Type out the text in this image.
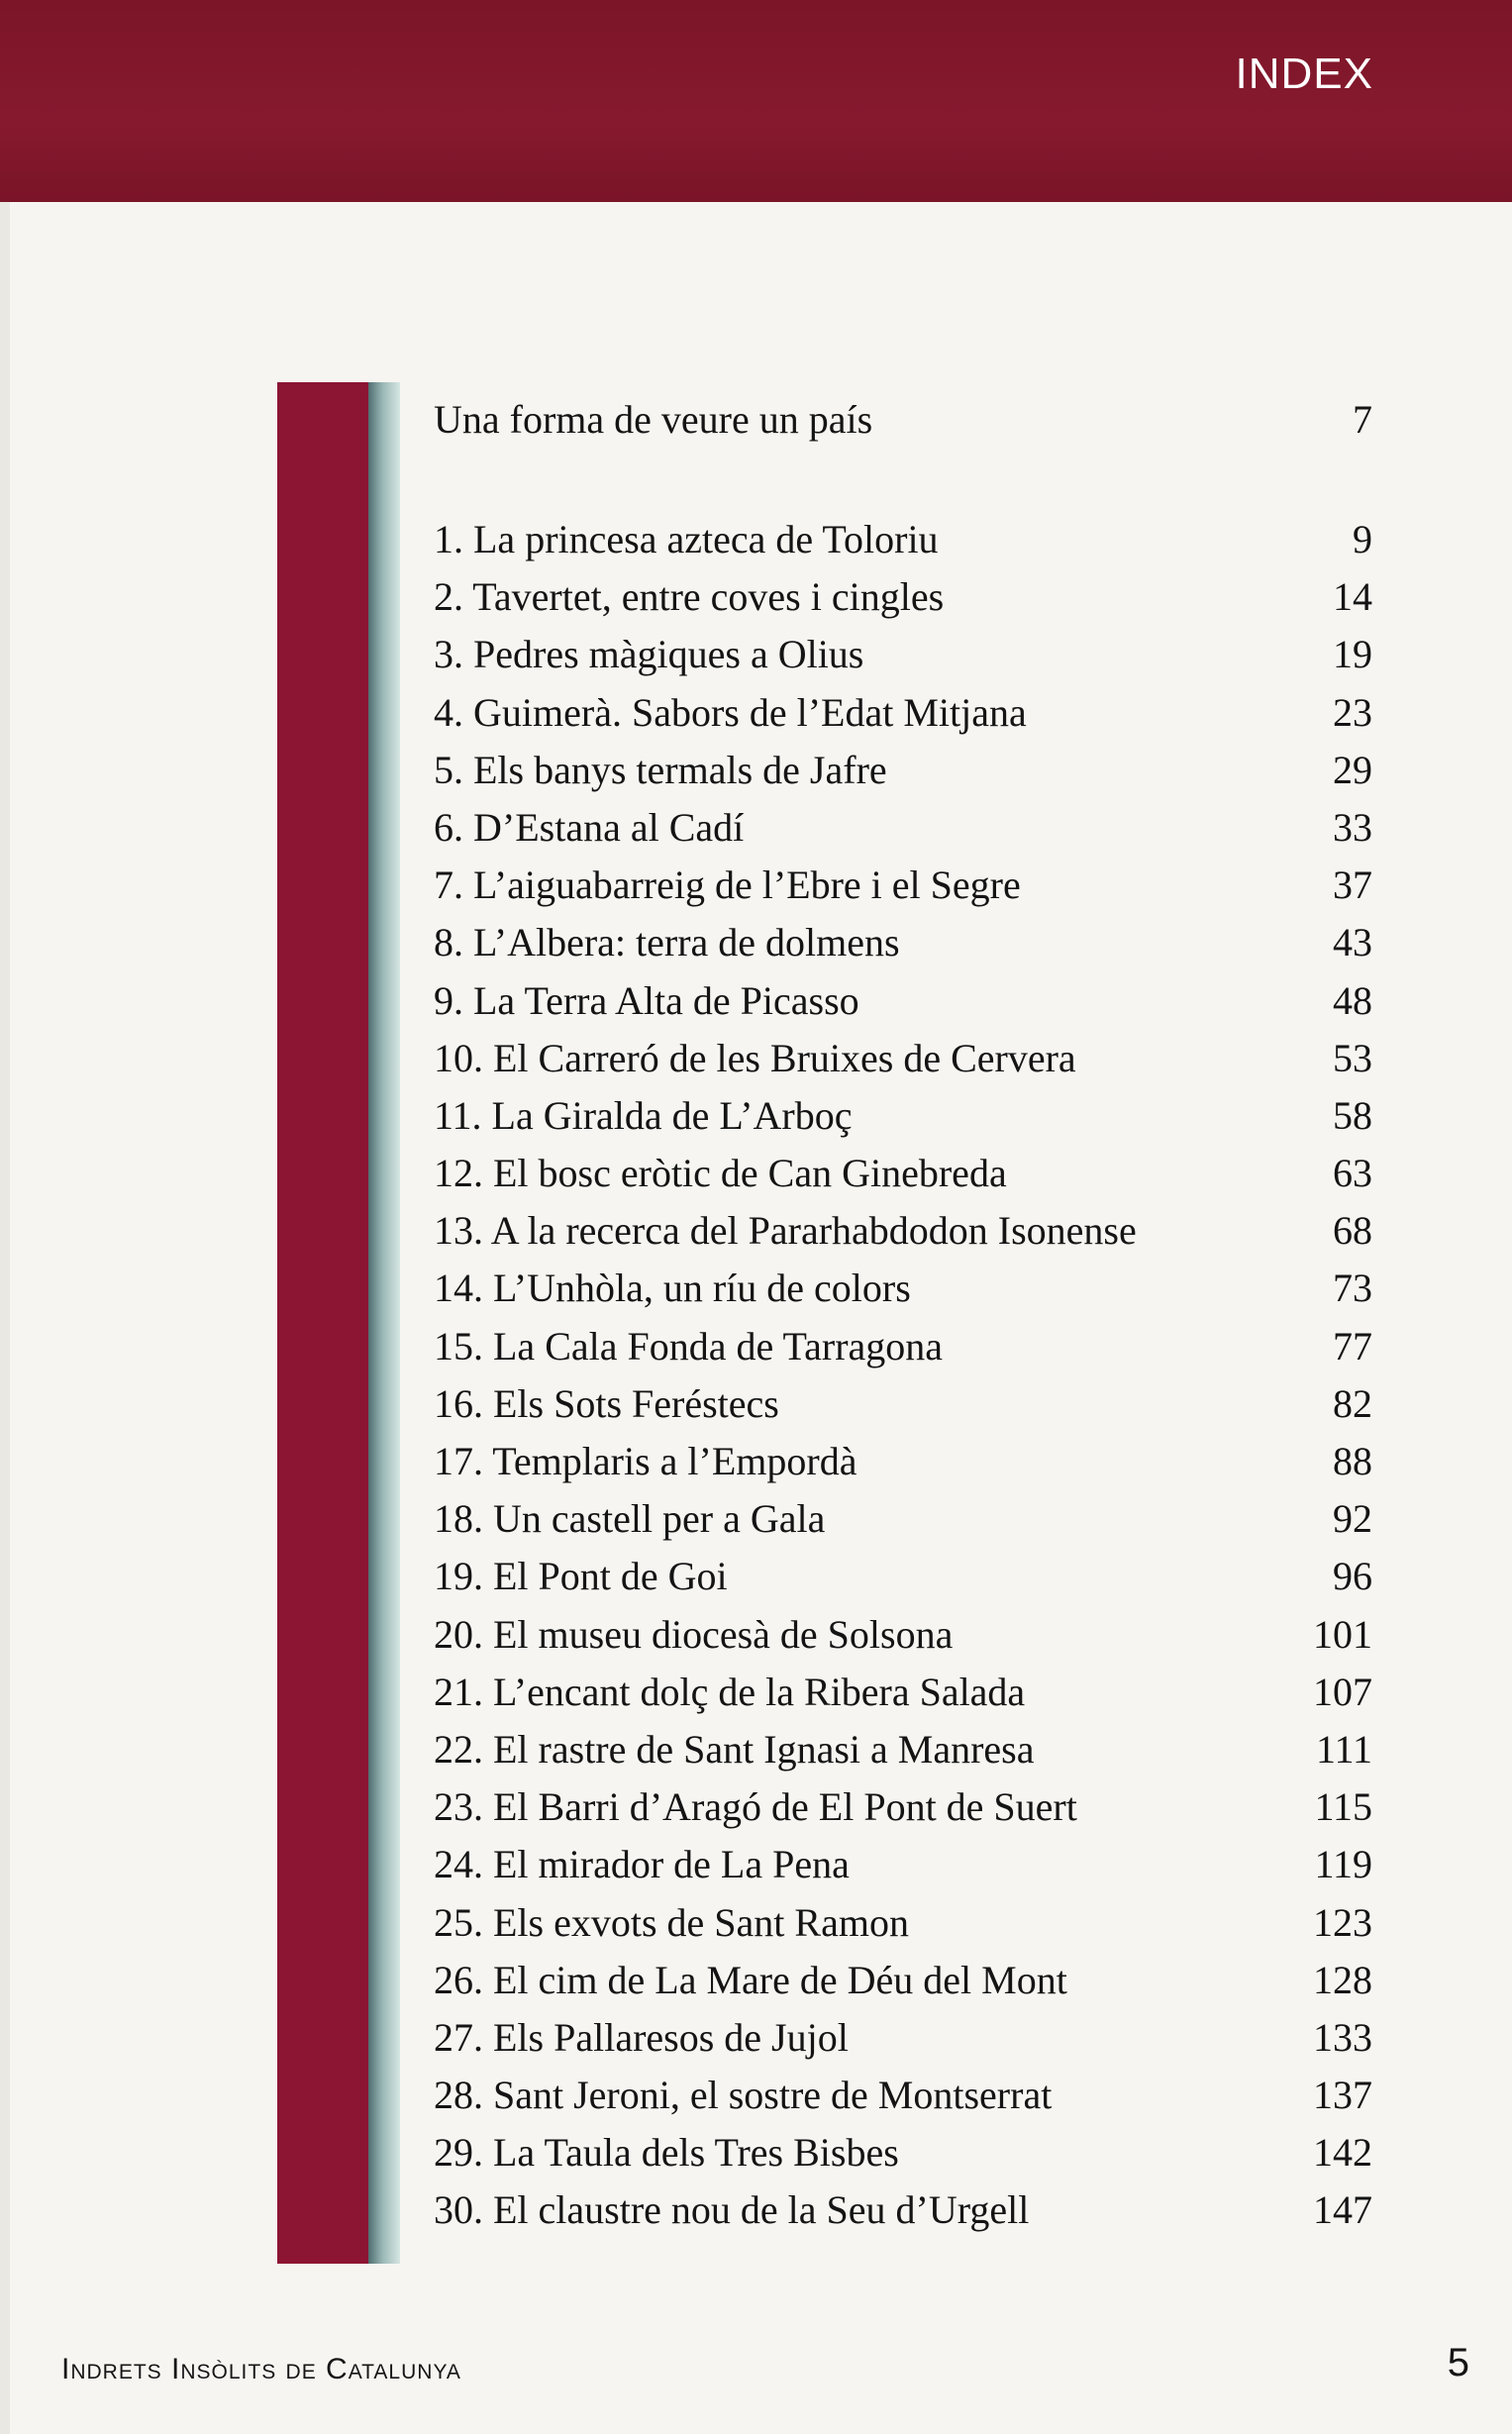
INDEX
Una forma de veure un país	7
1. La princesa azteca de Toloriu	9
2. Tavertet, entre coves i cingles	14
3. Pedres màgiques a Olius	19
4. Guimerà. Sabors de l’Edat Mitjana	23
5. Els banys termals de Jafre	29
6. D’Estana al Cadí	33
7. L’aiguabarreig de l’Ebre i el Segre	37
8. L’Albera: terra de dolmens	43
9. La Terra Alta de Picasso	48
10. El Carreró de les Bruixes de Cervera	53
11. La Giralda de L’Arboç	58
12. El bosc eròtic de Can Ginebreda	63
13. A la recerca del Pararhabdodon Isonense	68
14. L’Unhòla, un ríu de colors	73
15. La Cala Fonda de Tarragona	77
16. Els Sots Feréstecs	82
17. Templaris a l’Empordà	88
18. Un castell per a Gala	92
19. El Pont de Goi	96
20. El museu diocesà de Solsona	101
21. L’encant dolç de la Ribera Salada	107
22. El rastre de Sant Ignasi a Manresa	111
23. El Barri d’Aragó de El Pont de Suert	115
24. El mirador de La Pena	119
25. Els exvots de Sant Ramon	123
26. El cim de La Mare de Déu del Mont	128
27. Els Pallaresos de Jujol	133
28. Sant Jeroni, el sostre de Montserrat	137
29. La Taula dels Tres Bisbes	142
30. El claustre nou de la Seu d’Urgell	147
Indrets Insòlits de Catalunya	5
